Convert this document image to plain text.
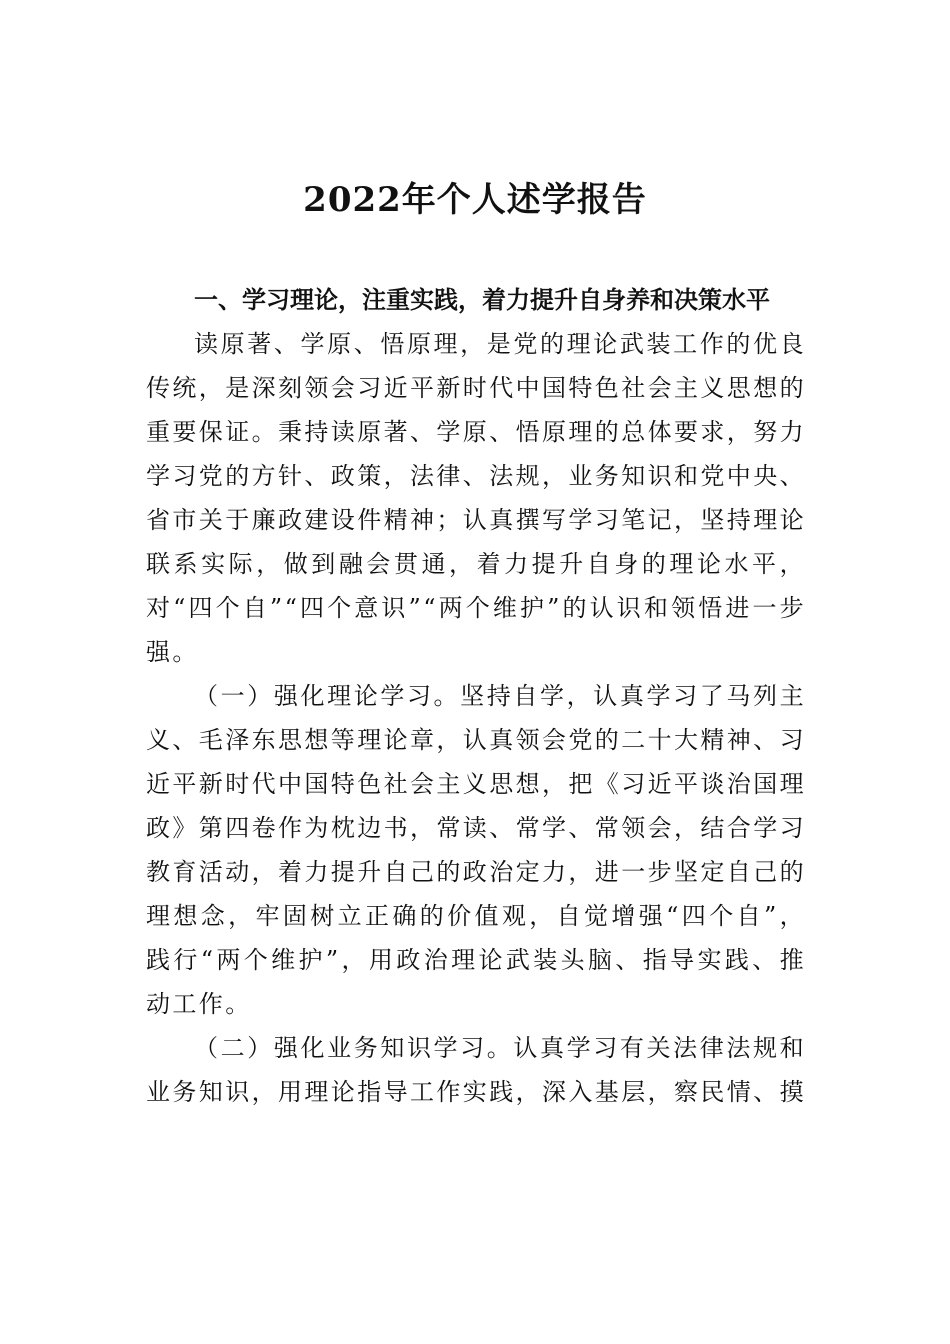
2022年个人述学报告

一、学习理论，注重实践，着力提升自身养和决策水平

读原著、学原、悟原理，是党的理论武装工作的优良传统，是深刻领会习近平新时代中国特色社会主义思想的重要保证。秉持读原著、学原、悟原理的总体要求，努力学习党的方针、政策，法律、法规，业务知识和党中央、省市关于廉政建设件精神；认真撰写学习笔记，坚持理论联系实际，做到融会贯通，着力提升自身的理论水平，对“四个自”“四个意识”“两个维护”的认识和领悟进一步强。

（一）强化理论学习。坚持自学，认真学习了马列主义、毛泽东思想等理论章，认真领会党的二十大精神、习近平新时代中国特色社会主义思想，把《习近平谈治国理政》第四卷作为枕边书，常读、常学、常领会，结合学习教育活动，着力提升自己的政治定力，进一步坚定自己的理想念，牢固树立正确的价值观，自觉增强“四个自”，践行“两个维护”，用政治理论武装头脑、指导实践、推动工作。

（二）强化业务知识学习。认真学习有关法律法规和业务知识，用理论指导工作实践，深入基层，察民情、摸
